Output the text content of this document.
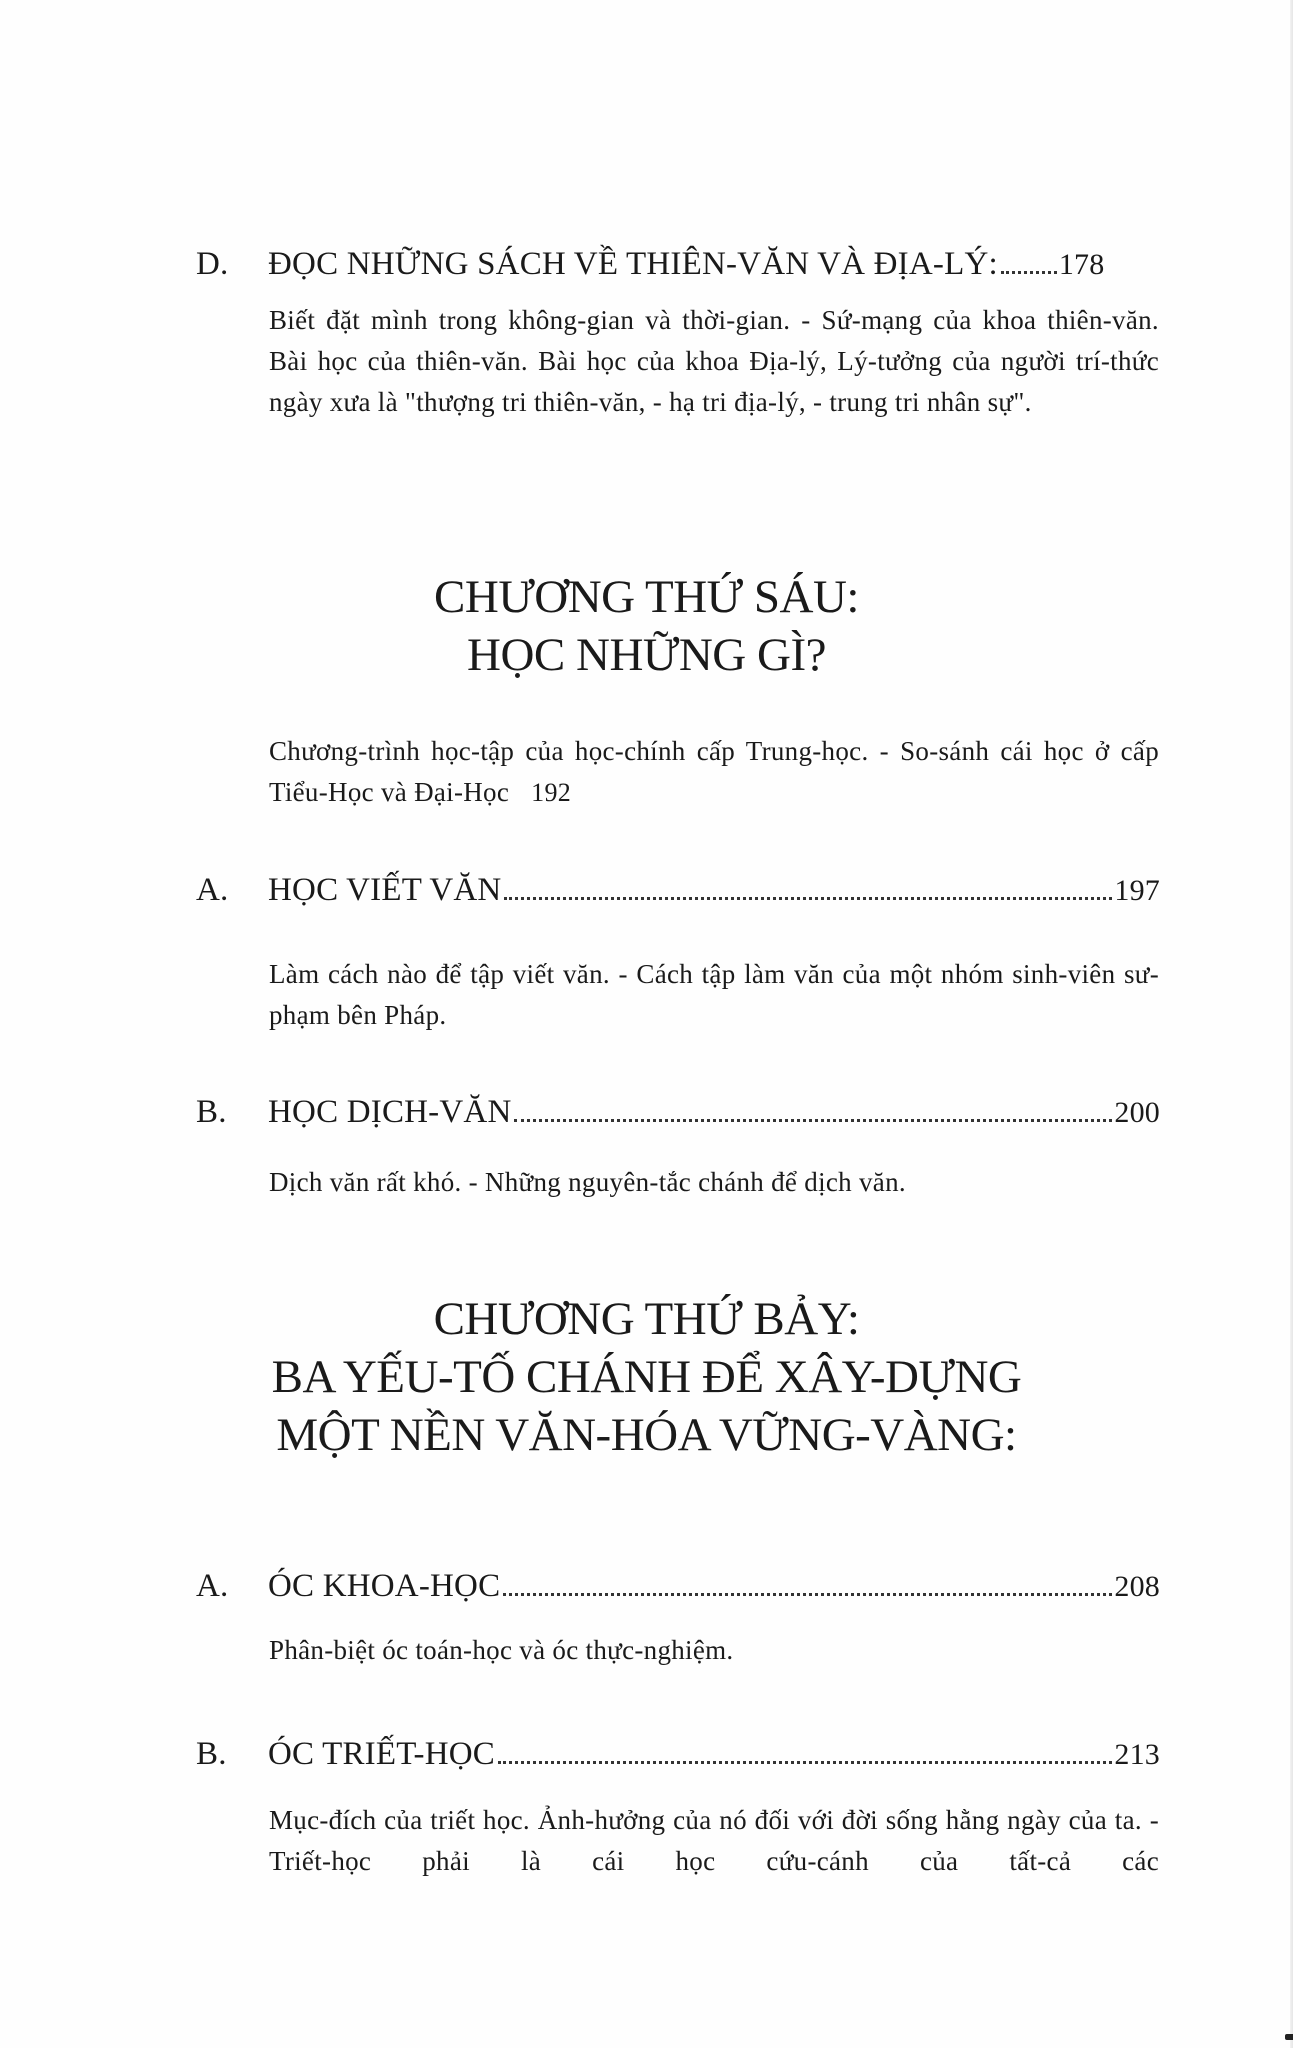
D.	ĐỌC NHỮNG SÁCH VỀ THIÊN-VĂN VÀ ĐỊA-LÝ: 178
Biết đặt mình trong không-gian và thời-gian. - Sứ-mạng của khoa thiên-văn. Bài học của thiên-văn. Bài học của khoa Địa-lý, Lý-tưởng của người trí-thức ngày xưa là "thượng tri thiên-văn, - hạ tri địa-lý, - trung tri nhân sự".
CHƯƠNG THỨ SÁU:
HỌC NHỮNG GÌ?
Chương-trình học-tập của học-chính cấp Trung-học. - So-sánh cái học ở cấp Tiểu-Học và Đại-Học 192
A.	HỌC VIẾT VĂN	197
Làm cách nào để tập viết văn. - Cách tập làm văn của một nhóm sinh-viên sư-phạm bên Pháp.
B.	HỌC DỊCH-VĂN	200
Dịch văn rất khó. - Những nguyên-tắc chánh để dịch văn.
CHƯƠNG THỨ BẢY:
BA YẾU-TỐ CHÁNH ĐỂ XÂY-DỰNG
MỘT NỀN VĂN-HÓA VỮNG-VÀNG:
A.	ÓC KHOA-HỌC	208
Phân-biệt óc toán-học và óc thực-nghiệm.
B.	ÓC TRIẾT-HỌC	213
Mục-đích của triết học. Ảnh-hưởng của nó đối với đời sống hằng ngày của ta. - Triết-học phải là cái học cứu-cánh của tất-cả các
